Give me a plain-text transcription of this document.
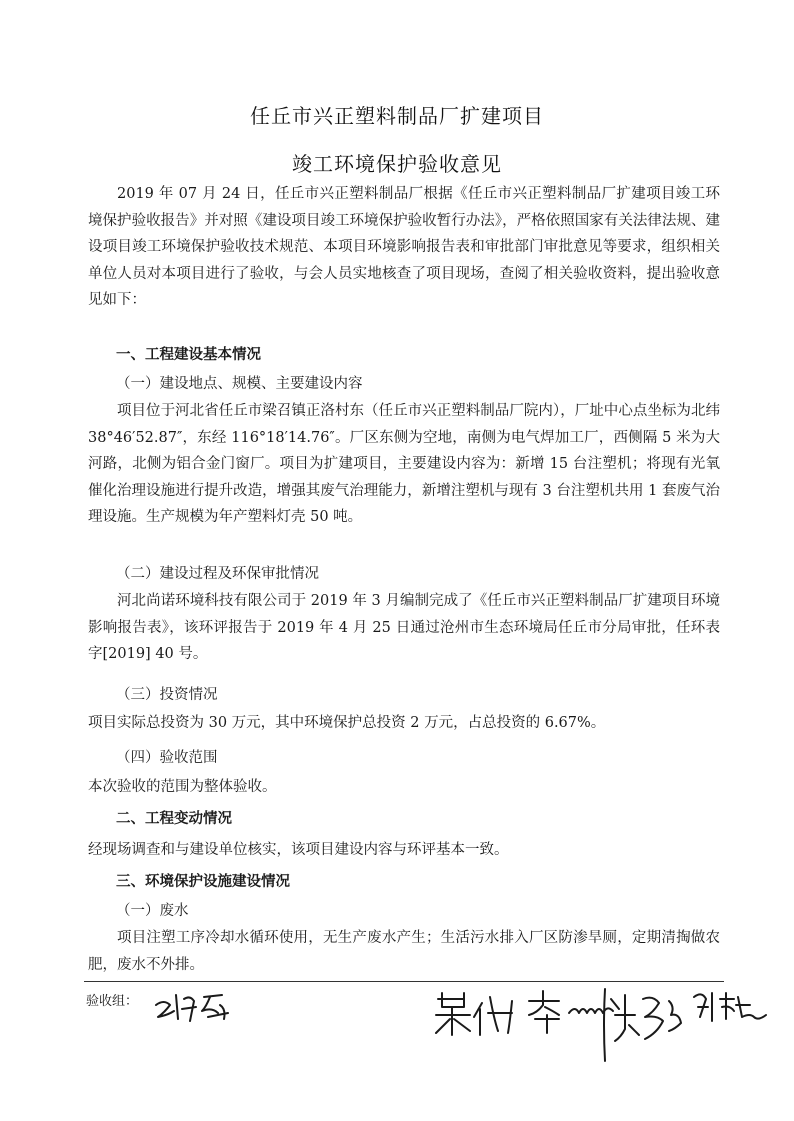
任丘市兴正塑料制品厂扩建项目
竣工环境保护验收意见

2019 年 07 月 24 日，任丘市兴正塑料制品厂根据《任丘市兴正塑料制品厂扩建项目竣工环境保护验收报告》并对照《建设项目竣工环境保护验收暂行办法》，严格依照国家有关法律法规、建设项目竣工环境保护验收技术规范、本项目环境影响报告表和审批部门审批意见等要求，组织相关单位人员对本项目进行了验收，与会人员实地核查了项目现场，查阅了相关验收资料，提出验收意见如下：

一、工程建设基本情况
（一）建设地点、规模、主要建设内容

项目位于河北省任丘市梁召镇正洛村东（任丘市兴正塑料制品厂院内），厂址中心点坐标为北纬 38°46′52.87″，东经 116°18′14.76″。厂区东侧为空地，南侧为电气焊加工厂，西侧隔 5 米为大河路，北侧为铝合金门窗厂。项目为扩建项目，主要建设内容为：新增 15 台注塑机；将现有光氧催化治理设施进行提升改造，增强其废气治理能力，新增注塑机与现有 3 台注塑机共用 1 套废气治理设施。生产规模为年产塑料灯壳 50 吨。

（二）建设过程及环保审批情况

河北尚诺环境科技有限公司于 2019 年 3 月编制完成了《任丘市兴正塑料制品厂扩建项目环境影响报告表》，该环评报告于 2019 年 4 月 25 日通过沧州市生态环境局任丘市分局审批，任环表字[2019] 40 号。

（三）投资情况
项目实际总投资为 30 万元，其中环境保护总投资 2 万元，占总投资的 6.67%。
（四）验收范围
本次验收的范围为整体验收。
二、工程变动情况
经现场调查和与建设单位核实，该项目建设内容与环评基本一致。
三、环境保护设施建设情况
（一）废水

项目注塑工序冷却水循环使用，无生产废水产生；生活污水排入厂区防渗旱厕，定期清掏做农肥，废水不外排。

验收组：
